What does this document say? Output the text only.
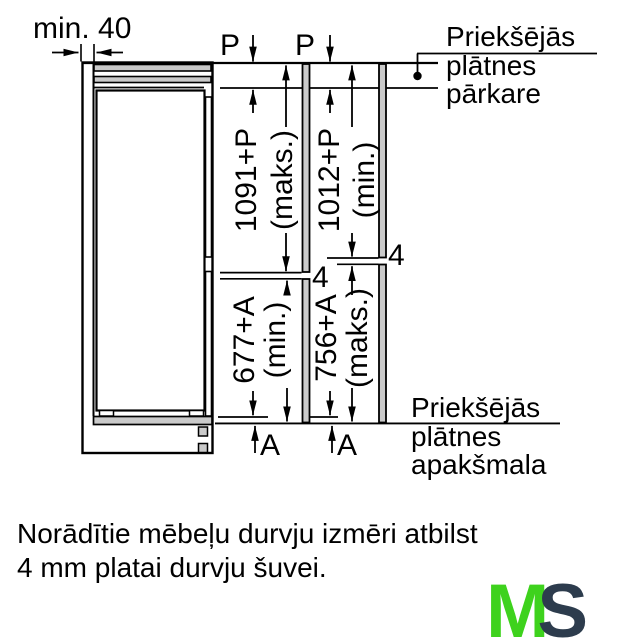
min. 40
P P	Priekšējās
plātnes
pārkare
1091+P (maks.) 1012+P (min.)
677+A
(min.) 756+A
(maks.)
4
4
A A
Priekšējās
plātnes
apakšmala
Norādītie mēbeļu durvju izmēri atbilst
4 mm platai durvju šuvei.
MS
